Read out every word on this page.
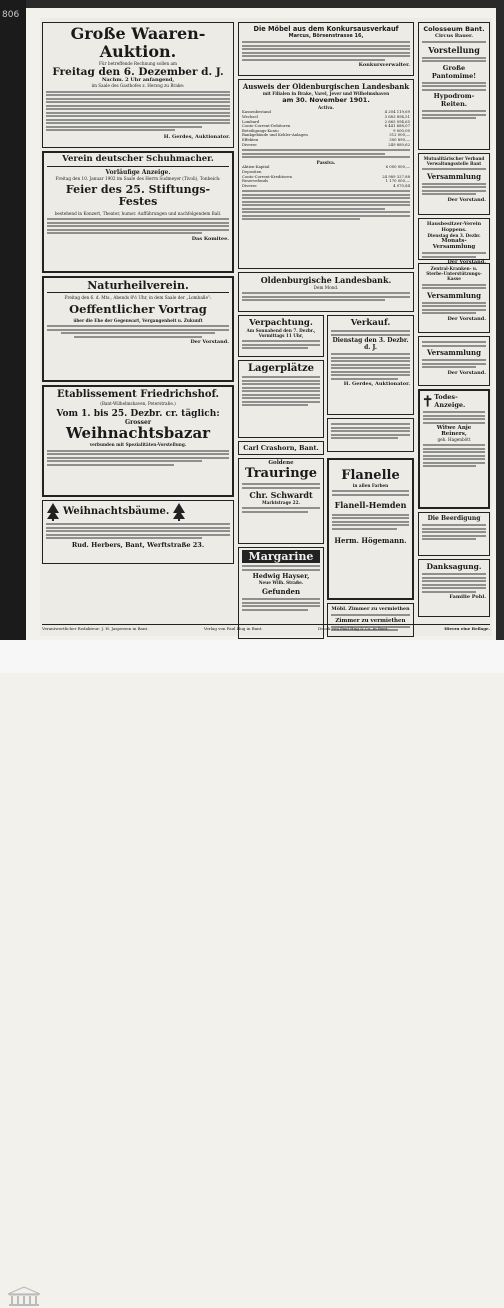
806
Große Waaren-Auktion.
Für betreffende Rechnung sollen am
Freitag den 6. Dezember d. J.
Nachm. 2 Uhr anfangend,
im Saale des Gasthofes z. Herzog zu Brake:
H. Gerdes, Auktionator.
Verein deutscher Schuhmacher.
Vorläufige Anzeige.
Freitag den 10. Januar 1902 im Saale des Herrn Sudmeyer (Tivoli), Tonbeich:
Feier des 25. Stiftungs-Festes
bestehend in Konzert, Theater, humor. Aufführungen und nachfolgendem Ball.
Das Komitee.
Naturheilverein.
Freitag den 6. d. Mts., Abends 8½ Uhr, in dem Saale der „Lomballe“:
Oeffentlicher Vortrag
über die Ehe der Gegenwart, Vergangenheit u. Zukunft
Der Vorstand.
Etablissement Friedrichshof.
(Bant-Wilhelmshaven, Peterstraße.)
Vom 1. bis 25. Dezbr. cr. täglich:
Grosser
Weihnachtsbazar
verbunden mit Spezialitäten-Vorstellung.
Weihnachtsbäume.
Rud. Herbers, Bant, Werftstraße 23.
Die Möbel aus dem Konkursausverkauf
Marcus, Börsenstrasse 16,
Konkursverwalter.
Ausweis der Oldenburgischen Landesbank
mit Filialen in Brake, Varel, Jever und Wilhelmshaven
am 30. November 1901.
Activa.
Kassenbestand	4 204 119,69
Wechsel	3 683 894,51
Lombard	2 665 094,65
Conto-Corrent-Debitoren	6 441 688,07
Beteiligungs-Konto	9 000,00
Bankgebäude und Kehler-Anlagen	312 000,—
Effekten	300 890,—
Diverse	249 889,62
Passiva.
Aktien-Kapital	6 000 000,—
Depositen
Conto-Corrent-Kreditoren	24 989 327,88
Reservefonds	1 170 000,—
Diverse	4 070,84
Oldenburgische Landesbank.
Dem Mond.
Verpachtung.
Am Sonnabend den 7. Dezbr., Vormittags 11 Uhr,
Lagerplätze
Carl Crashorn, Bant.
Verkauf.
Dienstag den 3. Dezbr. d. J.
H. Gerdes, Auktionator.
Goldene
Trauringe
Chr. Schwardt
Marktstrage 22.
Margarine
Hedwig Hayser,
Neue Wilh. Straße.
Gefunden
Flanelle
in allen Farben
Flanell-Hemden
Herm. Högemann.
Möbl. Zimmer zu vermiethen
Zimmer zu vermiethen
Colosseum Bant.
Circus Bauer.
Vorstellung
Große Pantomime!
Hypodrom-Reiten.
Mutualitärischer Verband
Verwaltungsstelle Bant
Versammlung
Der Vorstand.
Hausbesitzer-Verein Hoppens.
Dienstag den 3. Dezbr.
Monats-Versammlung
Der Vorstand.
Zentral-Kranken- u. Sterbe-Unterstützungs-Kasse
Versammlung
Der Vorstand.
Versammlung
Der Vorstand.
Todes-Anzeige.
Witwe Anje Reiners,
geb. Hagenbött
Die Beerdigung
Danksagung.
Familie Pohl.
Verantwortlicher Redakteur: J. H. Jaspersen in Bant.	Verlag von Paul Hug in Bant.	Druck von Paul Hug & Co. in Bant.	Hierzu eine Beilage.
